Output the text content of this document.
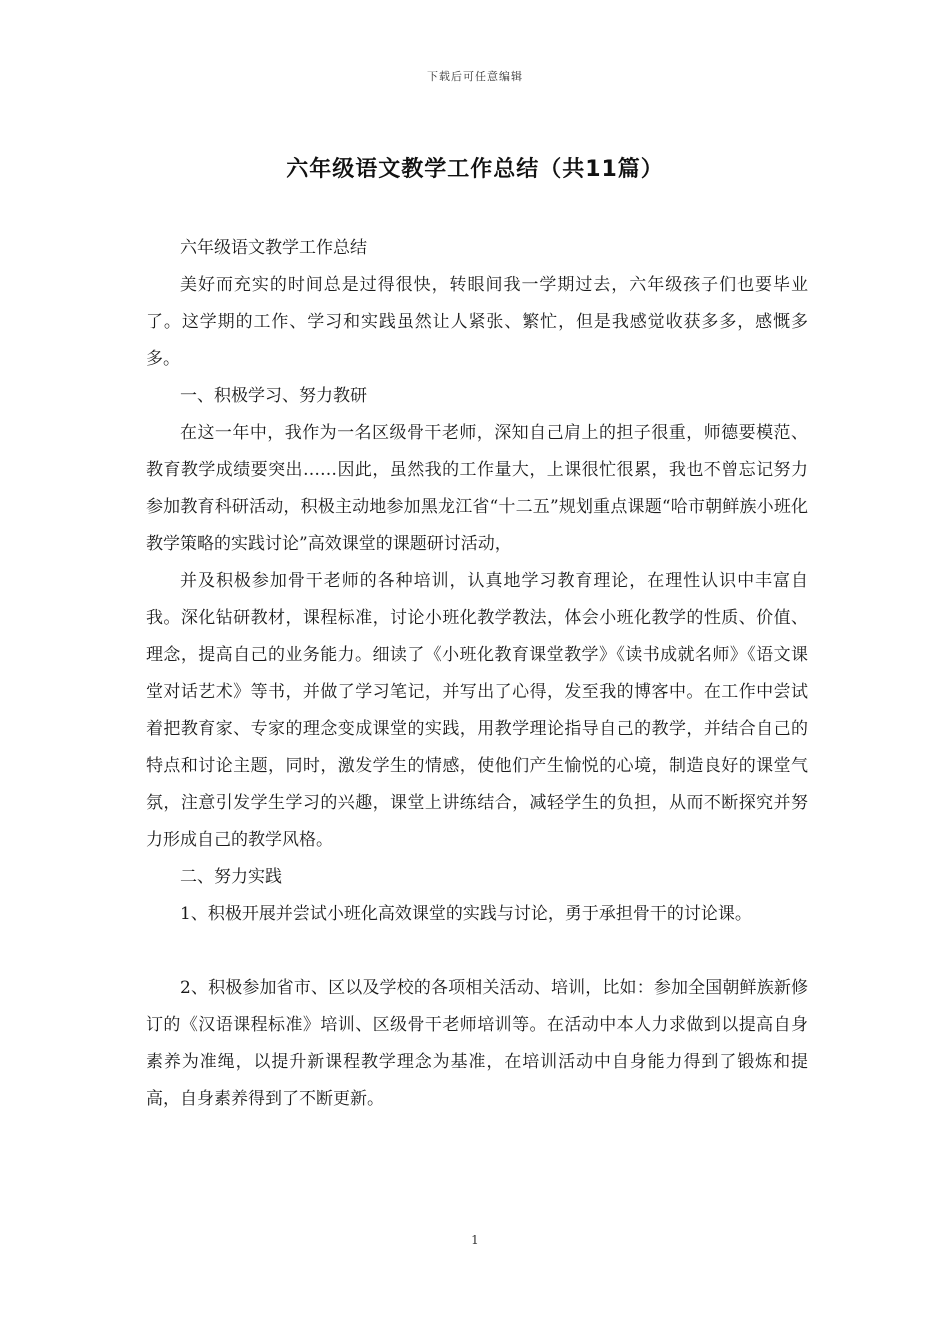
下载后可任意编辑
六年级语文教学工作总结（共11篇）

六年级语文教学工作总结

美好而充实的时间总是过得很快，转眼间我一学期过去，六年级孩子们也要毕业了。这学期的工作、学习和实践虽然让人紧张、繁忙，但是我感觉收获多多，感慨多多。

一、积极学习、努力教研

在这一年中，我作为一名区级骨干老师，深知自己肩上的担子很重，师德要模范、教育教学成绩要突出……因此，虽然我的工作量大，上课很忙很累，我也不曾忘记努力参加教育科研活动，积极主动地参加黑龙江省“十二五”规划重点课题“哈市朝鲜族小班化教学策略的实践讨论”高效课堂的课题研讨活动，

并及积极参加骨干老师的各种培训，认真地学习教育理论，在理性认识中丰富自我。深化钻研教材，课程标准，讨论小班化教学教法，体会小班化教学的性质、价值、理念，提高自己的业务能力。细读了《小班化教育课堂教学》《读书成就名师》《语文课堂对话艺术》等书，并做了学习笔记，并写出了心得，发至我的博客中。在工作中尝试着把教育家、专家的理念变成课堂的实践，用教学理论指导自己的教学，并结合自己的特点和讨论主题，同时，激发学生的情感，使他们产生愉悦的心境，制造良好的课堂气氛，注意引发学生学习的兴趣，课堂上讲练结合，减轻学生的负担，从而不断探究并努力形成自己的教学风格。

二、努力实践

1、积极开展并尝试小班化高效课堂的实践与讨论，勇于承担骨干的讨论课。

2、积极参加省市、区以及学校的各项相关活动、培训，比如：参加全国朝鲜族新修订的《汉语课程标准》培训、区级骨干老师培训等。在活动中本人力求做到以提高自身素养为准绳，以提升新课程教学理念为基准，在培训活动中自身能力得到了锻炼和提高，自身素养得到了不断更新。

1
